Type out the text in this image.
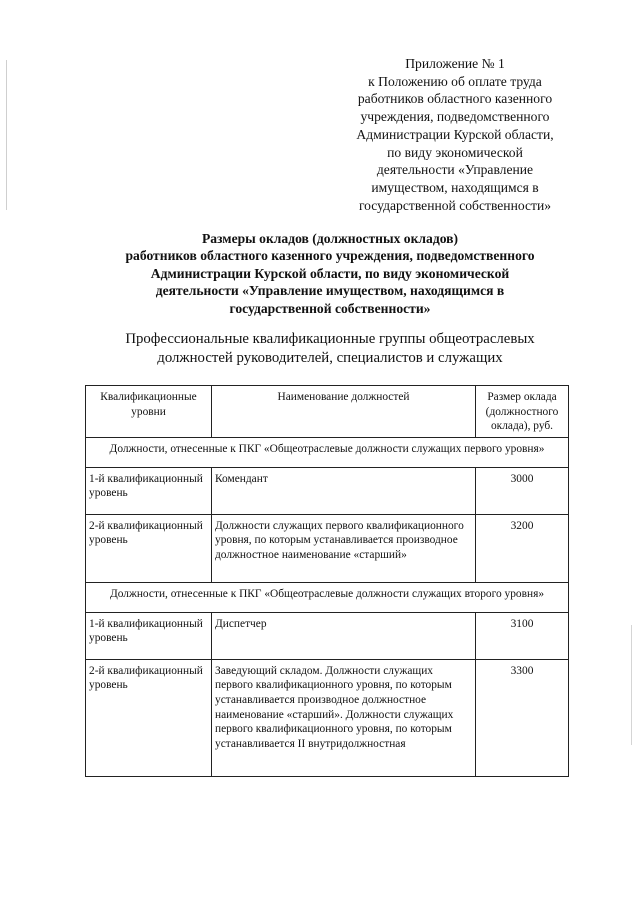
Приложение № 1
к Положению об оплате труда
работников областного казенного
учреждения, подведомственного
Администрации Курской области,
по виду экономической
деятельности «Управление
имуществом, находящимся в
государственной собственности»
Размеры окладов (должностных окладов)
работников областного казенного учреждения, подведомственного
Администрации Курской области, по виду экономической
деятельности «Управление имуществом, находящимся в
государственной собственности»
Профессиональные квалификационные группы общеотраслевых
должностей руководителей, специалистов и служащих
Квалификационные уровни	Наименование должностей	Размер оклада (должностного оклада), руб.
Должности, отнесенные к ПКГ «Общеотраслевые должности служащих первого уровня»		
1-й квалификационный уровень	Комендант	3000
2-й квалификационный уровень	Должности служащих первого квалификационного уровня, по которым устанавливается производное должностное наименование «старший»	3200
Должности, отнесенные к ПКГ «Общеотраслевые должности служащих второго уровня»		
1-й квалификационный уровень	Диспетчер	3100
2-й квалификационный уровень	Заведующий складом. Должности служащих первого квалификационного уровня, по которым устанавливается производное должностное наименование «старший». Должности служащих первого квалификационного уровня, по которым устанавливается II внутридолжностная	3300
